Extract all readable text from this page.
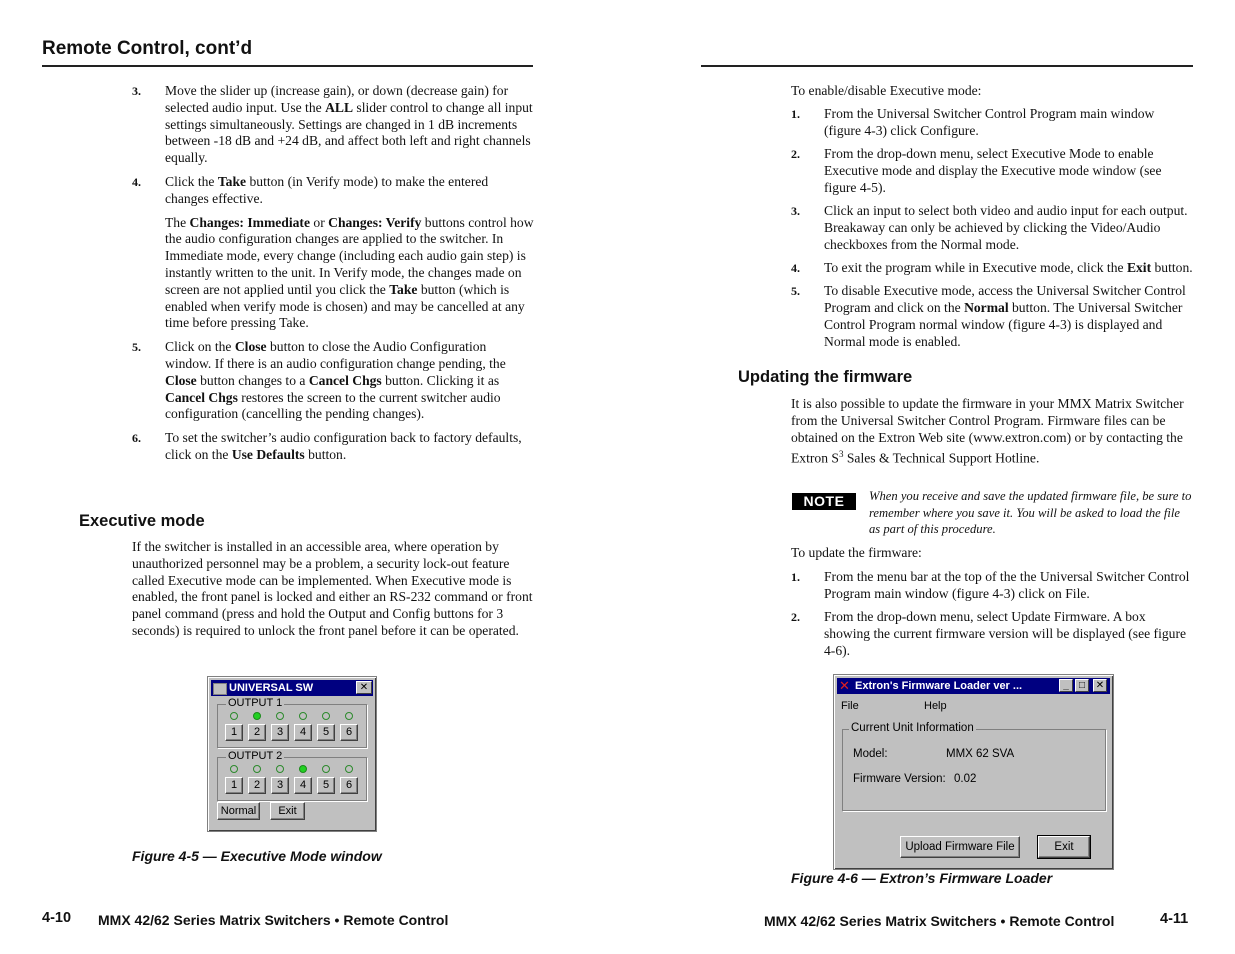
Remote Control, cont’d
3. Move the slider up (increase gain), or down (decrease gain) for selected audio input. Use the ALL slider control to change all input settings simultaneously. Settings are changed in 1 dB increments between -18 dB and +24 dB, and affect both left and right channels equally.
4. Click the Take button (in Verify mode) to make the entered changes effective.
The Changes: Immediate or Changes: Verify buttons control how the audio configuration changes are applied to the switcher. In Immediate mode, every change (including each audio gain step) is instantly written to the unit. In Verify mode, the changes made on screen are not applied until you click the Take button (which is enabled when verify mode is chosen) and may be cancelled at any time before pressing Take.
5. Click on the Close button to close the Audio Configuration window. If there is an audio configuration change pending, the Close button changes to a Cancel Chgs button. Clicking it as Cancel Chgs restores the screen to the current switcher audio configuration (cancelling the pending changes).
6. To set the switcher’s audio configuration back to factory defaults, click on the Use Defaults button.
Executive mode
If the switcher is installed in an accessible area, where operation by unauthorized personnel may be a problem, a security lock-out feature called Executive mode can be implemented. When Executive mode is enabled, the front panel is locked and either an RS-232 command or front panel command (press and hold the Output and Config buttons for 3 seconds) is required to unlock the front panel before it can be operated.
UNIVERSAL SW	✕
OUTPUT 1
1	2	3	4	5	6
OUTPUT 2
1	2	3	4	5	6
Normal	Exit
Figure 4-5 — Executive Mode window
4-10 MMX 42/62 Series Matrix Switchers • Remote Control
To enable/disable Executive mode:
1. From the Universal Switcher Control Program main window (figure 4-3) click Configure.
2. From the drop-down menu, select Executive Mode to enable Executive mode and display the Executive mode window (see figure 4-5).
3. Click an input to select both video and audio input for each output. Breakaway can only be achieved by clicking the Video/Audio checkboxes from the Normal mode.
4. To exit the program while in Executive mode, click the Exit button.
5. To disable Executive mode, access the Universal Switcher Control Program and click on the Normal button. The Universal Switcher Control Program normal window (figure 4-3) is displayed and Normal mode is enabled.
Updating the firmware
It is also possible to update the firmware in your MMX Matrix Switcher from the Universal Switcher Control Program. Firmware files can be obtained on the Extron Web site (www.extron.com) or by contacting the Extron $S^3$ Sales & Technical Support Hotline.
NOTE	When you receive and save the updated firmware file, be sure to remember where you save it. You will be asked to load the file as part of this procedure.
To update the firmware:
1. From the menu bar at the top of the the Universal Switcher Control Program main window (figure 4-3) click on File.
2. From the drop-down menu, select Update Firmware. A box showing the current firmware version will be displayed (see figure 4-6).
✕ Extron's Firmware Loader ver ...	_	□	✕
File	Help
Current Unit Information
Model:	MMX 62 SVA
Firmware Version: 0.02
Upload Firmware File	Exit
Figure 4-6 — Extron’s Firmware Loader
MMX 42/62 Series Matrix Switchers • Remote Control	4-11
